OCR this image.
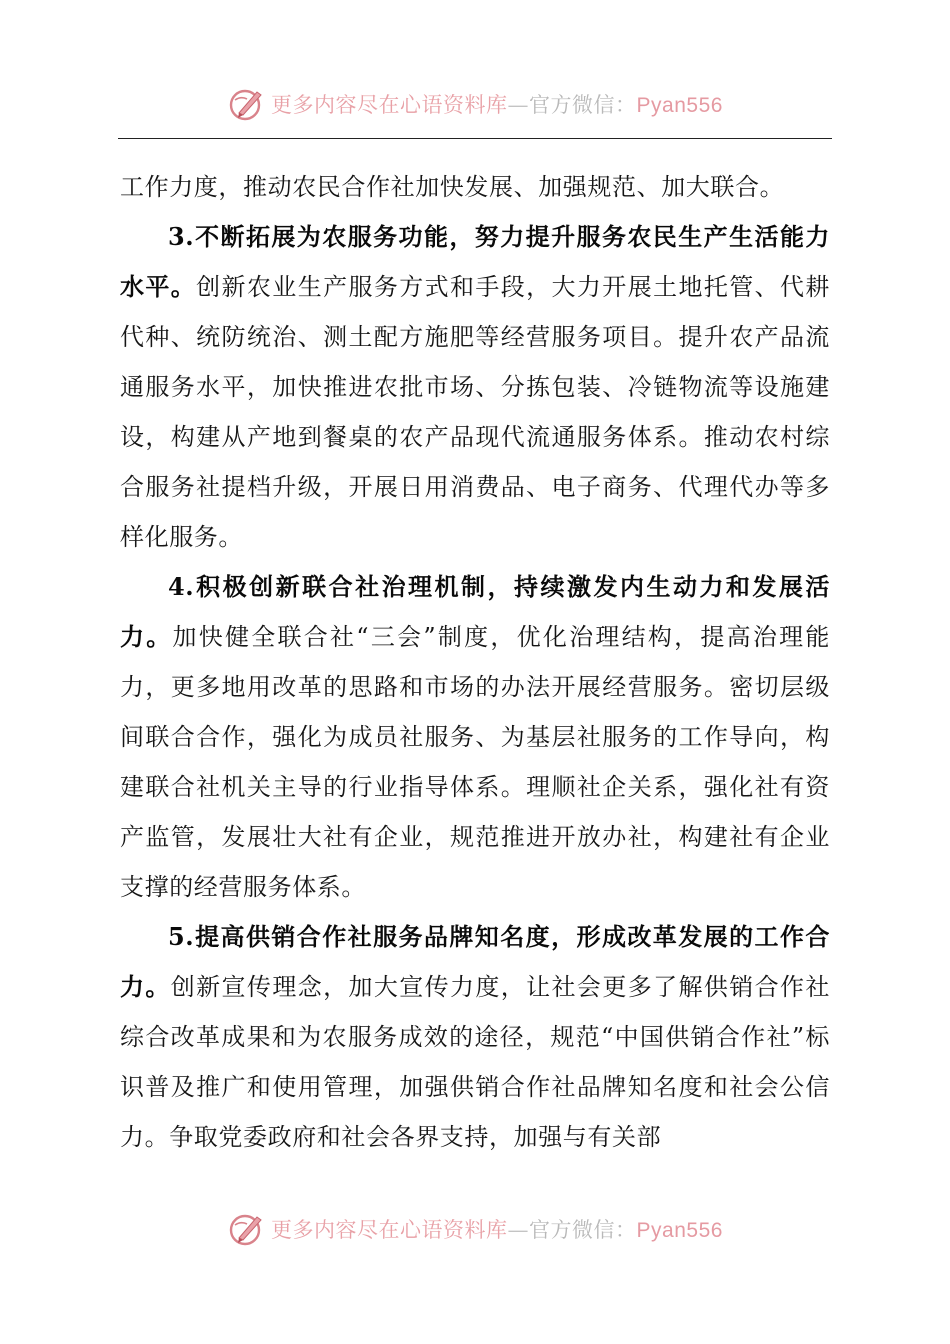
更多内容尽在心语资料库—官方微信：Pyan556

工作力度，推动农民合作社加快发展、加强规范、加大联合。

3.不断拓展为农服务功能，努力提升服务农民生产生活能力水平。创新农业生产服务方式和手段，大力开展土地托管、代耕代种、统防统治、测土配方施肥等经营服务项目。提升农产品流通服务水平，加快推进农批市场、分拣包装、冷链物流等设施建设，构建从产地到餐桌的农产品现代流通服务体系。推动农村综合服务社提档升级，开展日用消费品、电子商务、代理代办等多样化服务。

4.积极创新联合社治理机制，持续激发内生动力和发展活力。加快健全联合社“三会”制度，优化治理结构，提高治理能力，更多地用改革的思路和市场的办法开展经营服务。密切层级间联合合作，强化为成员社服务、为基层社服务的工作导向，构建联合社机关主导的行业指导体系。理顺社企关系，强化社有资产监管，发展壮大社有企业，规范推进开放办社，构建社有企业支撑的经营服务体系。

5.提高供销合作社服务品牌知名度，形成改革发展的工作合力。创新宣传理念，加大宣传力度，让社会更多了解供销合作社综合改革成果和为农服务成效的途径，规范“中国供销合作社”标识普及推广和使用管理，加强供销合作社品牌知名度和社会公信力。争取党委政府和社会各界支持，加强与有关部

更多内容尽在心语资料库—官方微信：Pyan556
